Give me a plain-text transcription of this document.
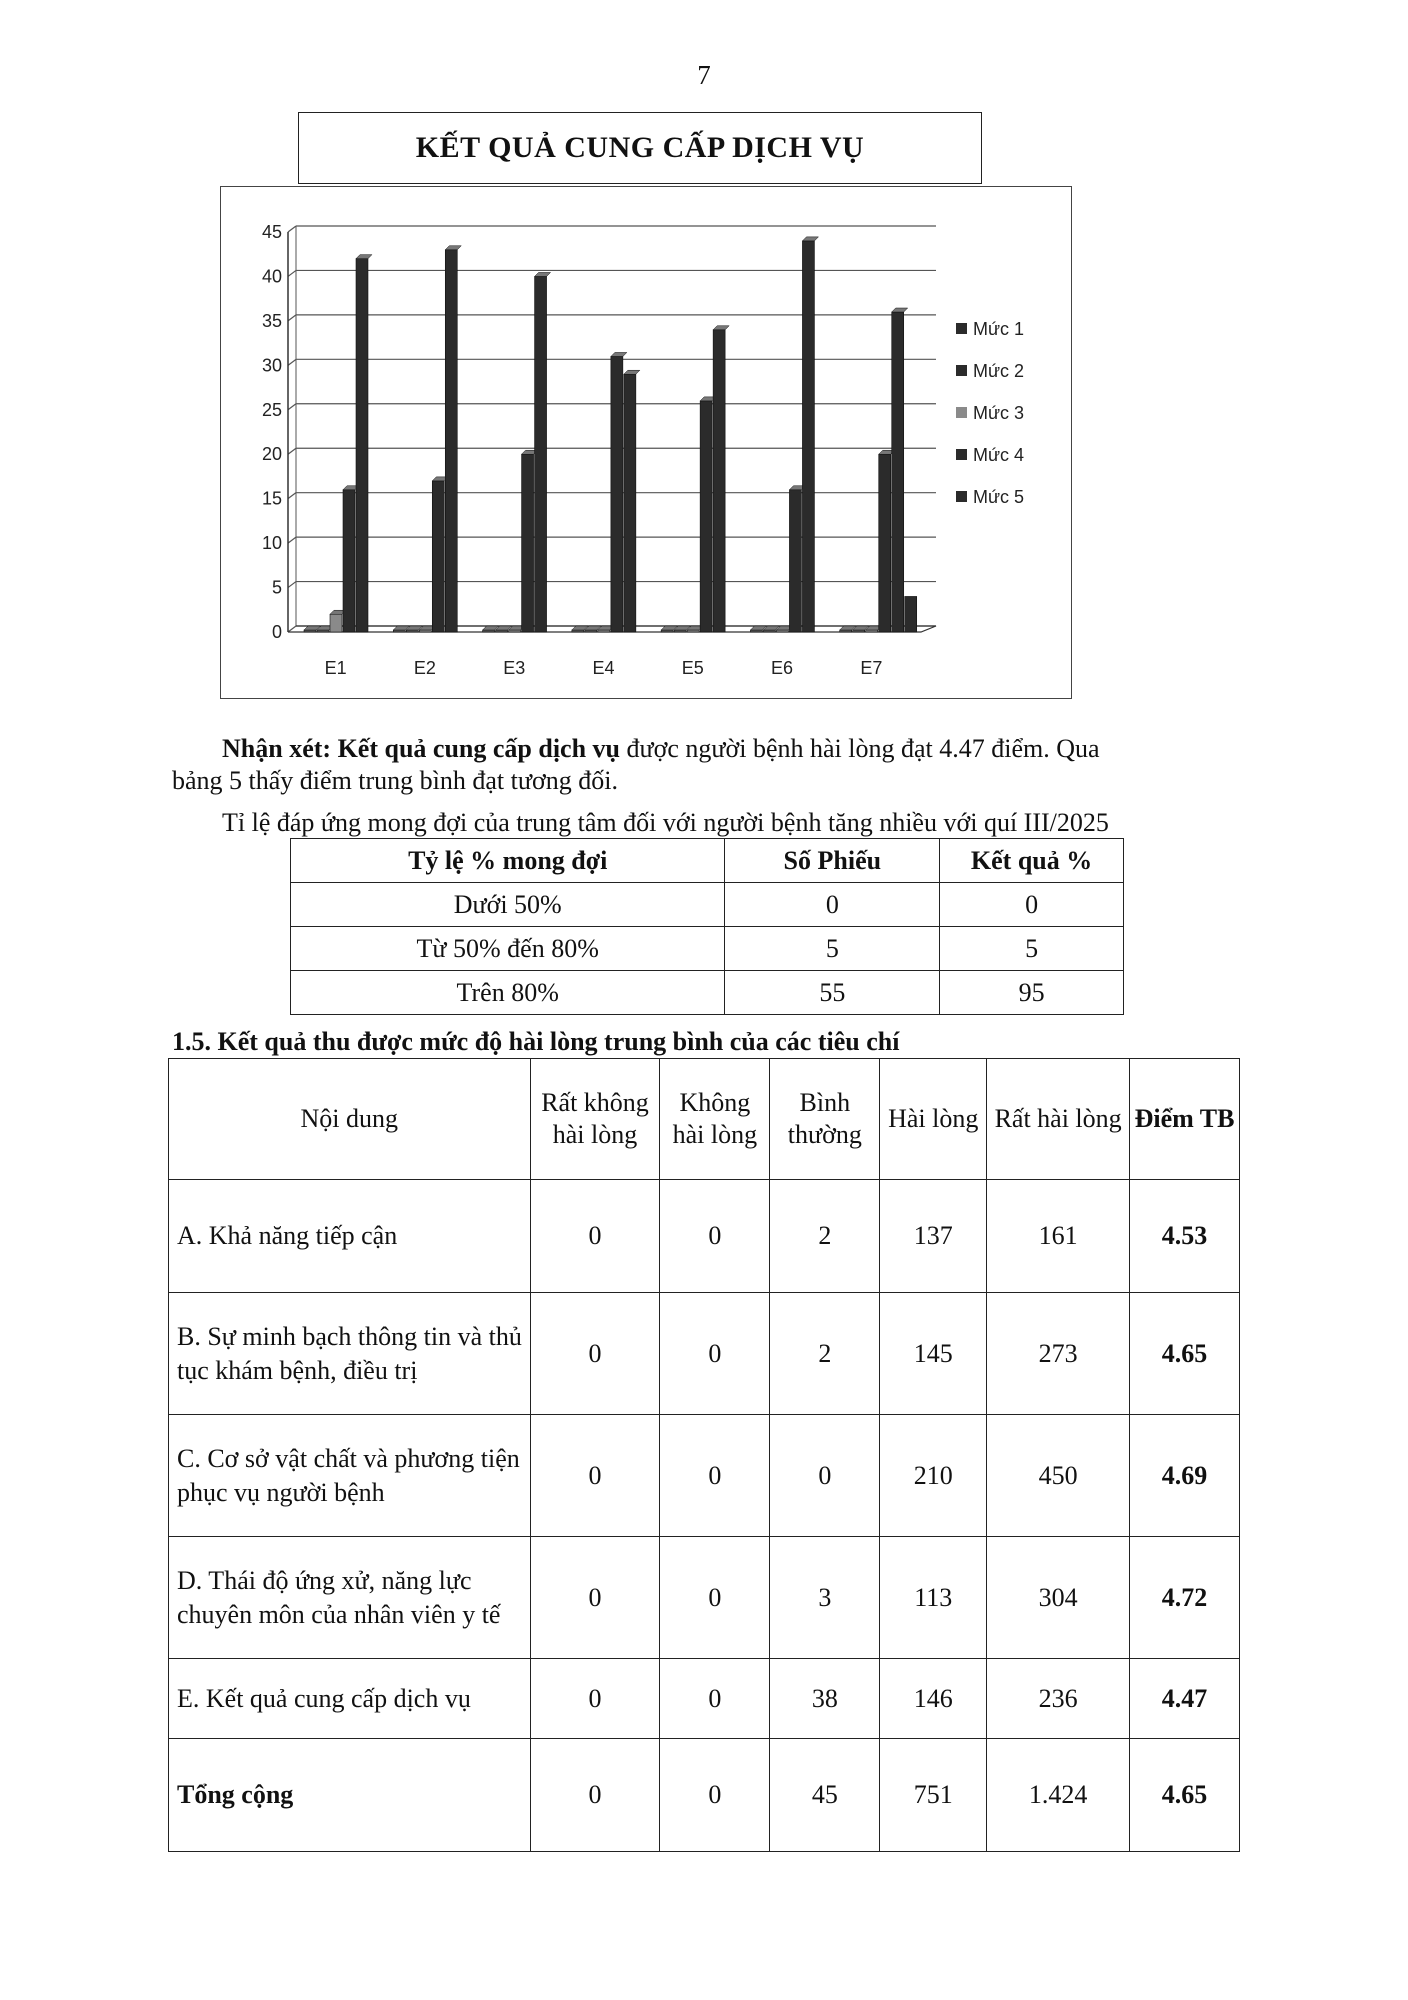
7
KẾT QUẢ CUNG CẤP DỊCH VỤ
0
5
10
15
20
25
30
35
40
45
E1	E2	E3	E4	E5	E6	E7
Mức 1
Mức 2
Mức 3
Mức 4
Mức 5
Nhận xét: Kết quả cung cấp dịch vụ được người bệnh hài lòng đạt 4.47 điểm. Qua
bảng 5 thấy điểm trung bình đạt tương đối.
Tỉ lệ đáp ứng mong đợi của trung tâm đối với người bệnh tăng nhiều với quí III/2025
Tỷ lệ % mong đợi	Số Phiếu	Kết quả %
Dưới 50%	0	0
Từ 50% đến 80%	5	5
Trên 80%	55	95
1.5. Kết quả thu được mức độ hài lòng trung bình của các tiêu chí
Nội dung	Rất không hài lòng	Không hài lòng	Bình thường	Hài lòng	Rất hài lòng	Điểm TB
A. Khả năng tiếp cận	0	0	2	137	161	4.53
B. Sự minh bạch thông tin và thủ tục khám bệnh, điều trị	0	0	2	145	273	4.65
C. Cơ sở vật chất và phương tiện phục vụ người bệnh	0	0	0	210	450	4.69
D. Thái độ ứng xử, năng lực chuyên môn của nhân viên y tế	0	0	3	113	304	4.72
E. Kết quả cung cấp dịch vụ	0	0	38	146	236	4.47
Tổng cộng	0	0	45	751	1.424	4.65
